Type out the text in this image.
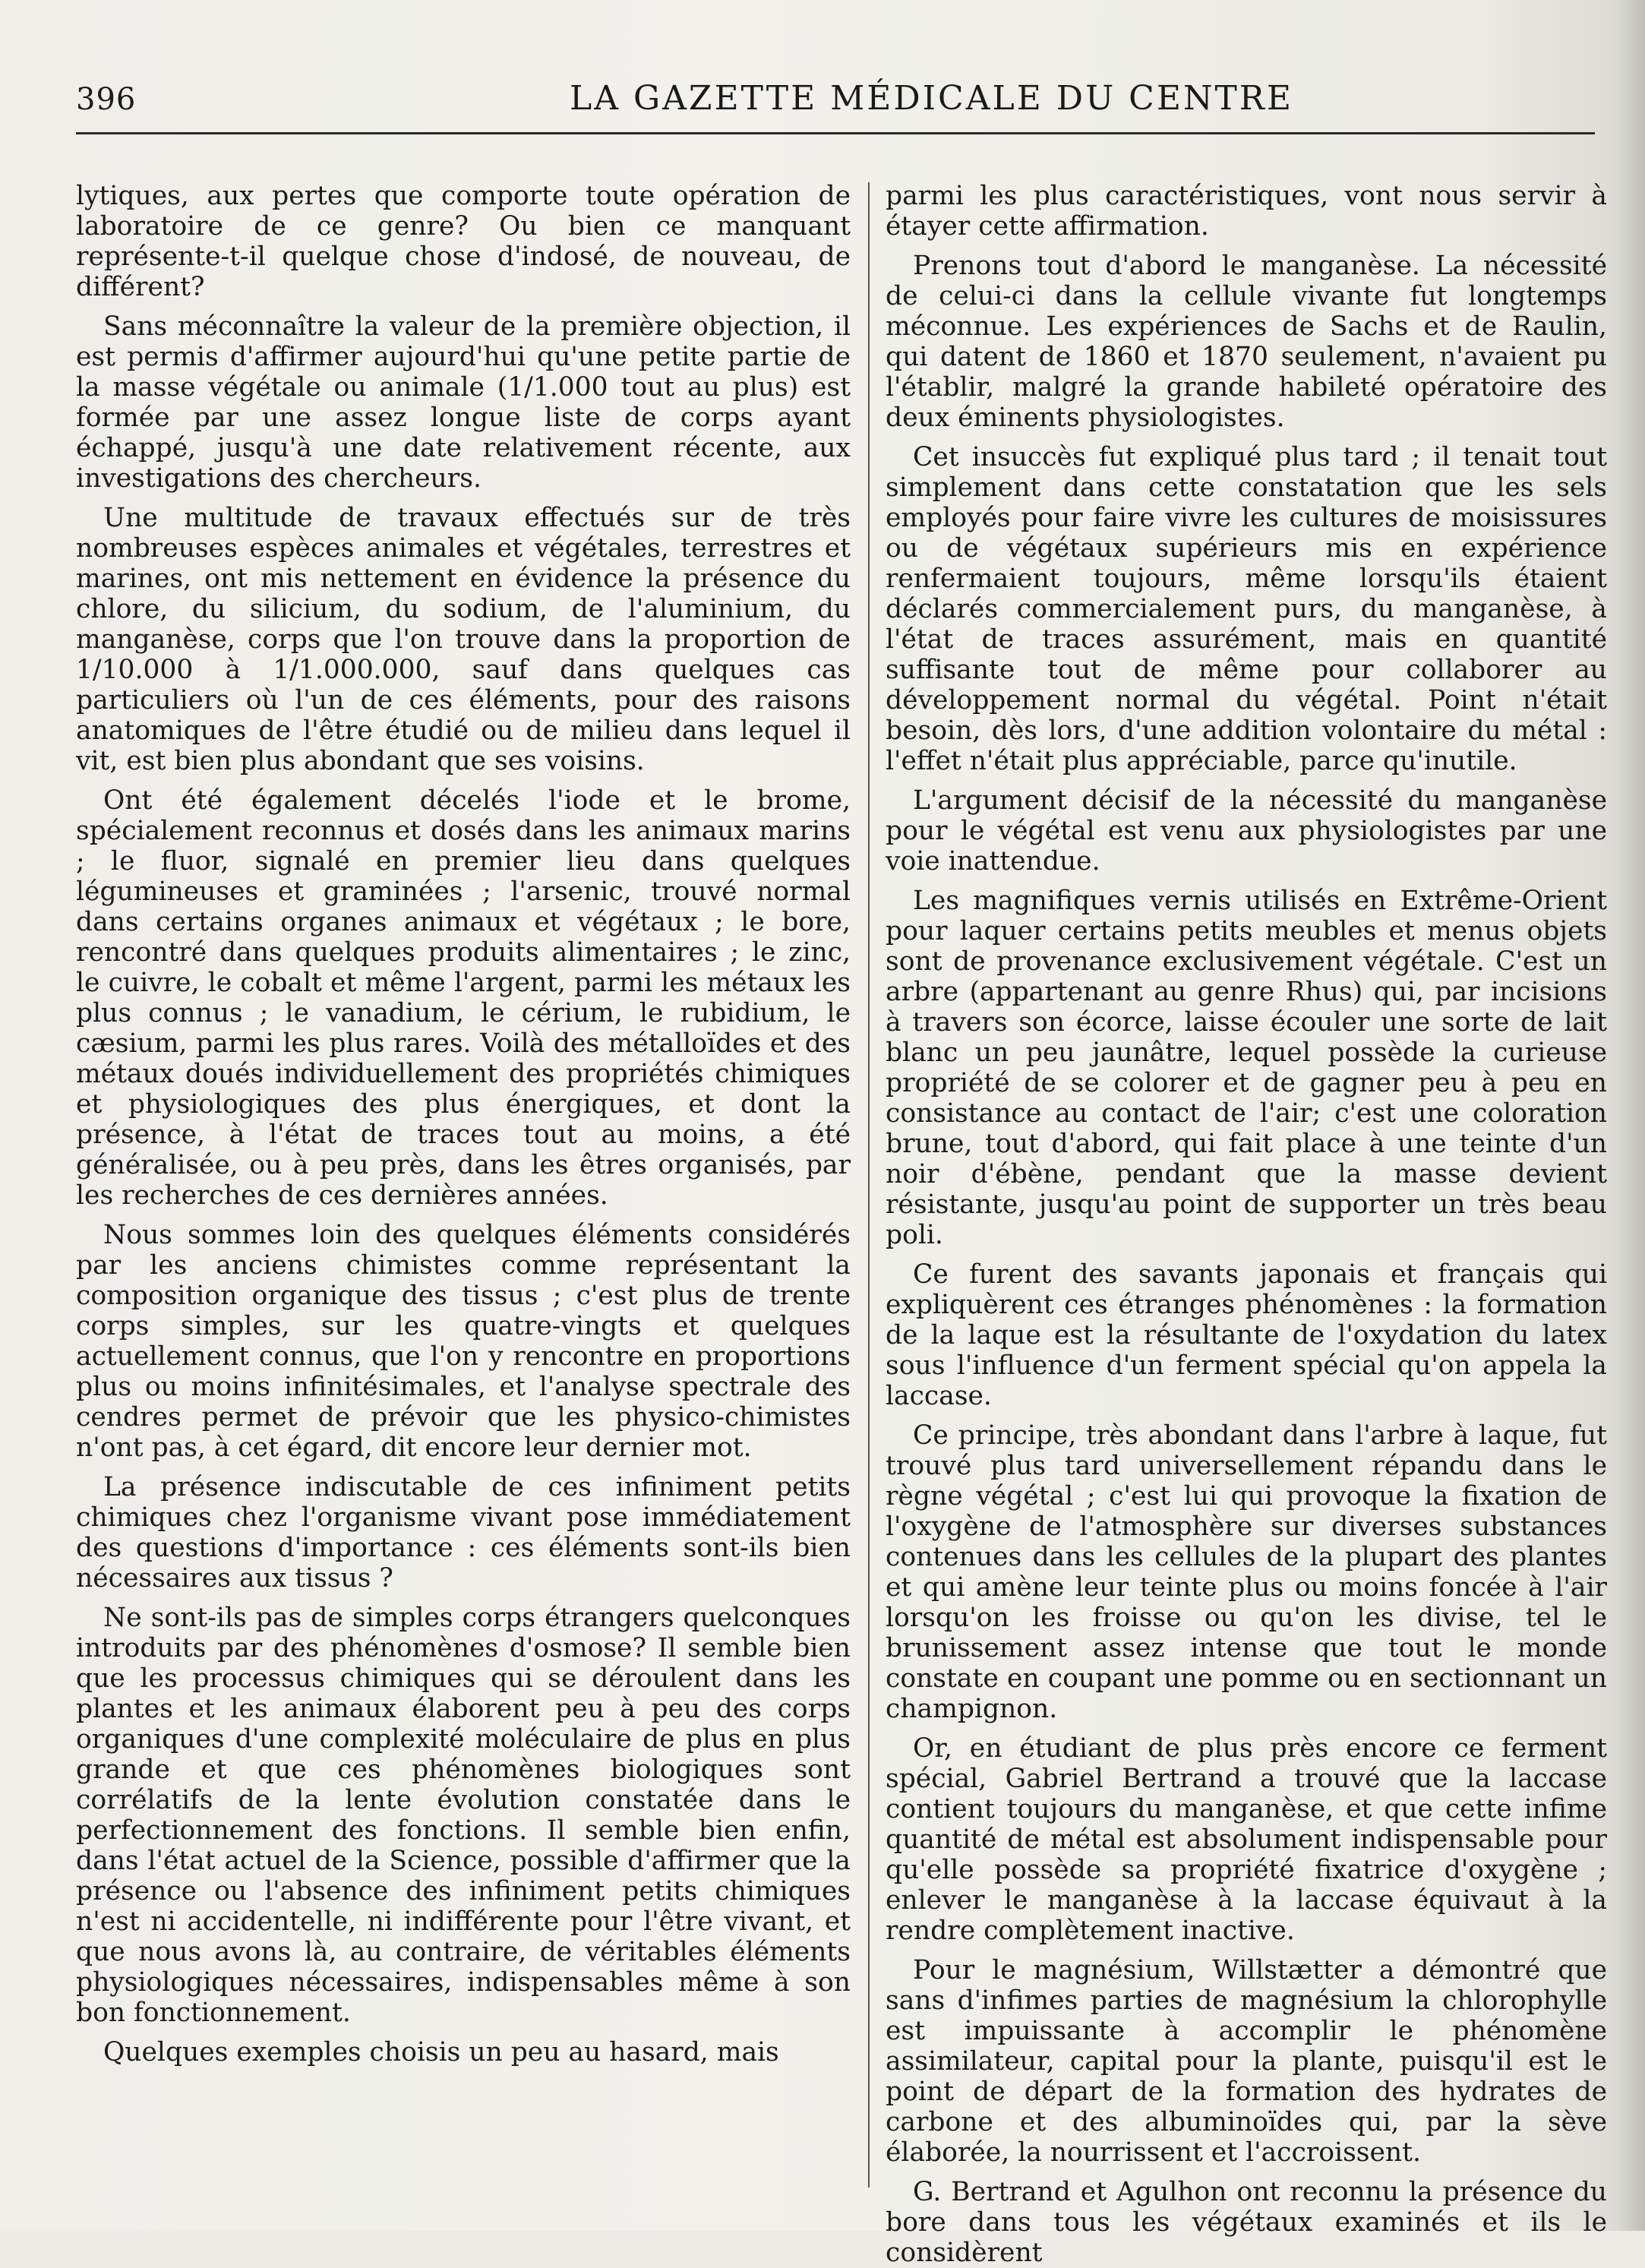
396	LA GAZETTE MÉDICALE DU CENTRE

lytiques, aux pertes que comporte toute opération de laboratoire de ce genre? Ou bien ce manquant représente-t-il quelque chose d'indosé, de nouveau, de différent?

Sans méconnaître la valeur de la première objection, il est permis d'affirmer aujourd'hui qu'une petite partie de la masse végétale ou animale (1/1.000 tout au plus) est formée par une assez longue liste de corps ayant échappé, jusqu'à une date relativement récente, aux investigations des chercheurs.

Une multitude de travaux effectués sur de très nombreuses espèces animales et végétales, terrestres et marines, ont mis nettement en évidence la présence du chlore, du silicium, du sodium, de l'aluminium, du manganèse, corps que l'on trouve dans la proportion de 1/10.000 à 1/1.000.000, sauf dans quelques cas particuliers où l'un de ces éléments, pour des raisons anatomiques de l'être étudié ou de milieu dans lequel il vit, est bien plus abondant que ses voisins.

Ont été également décelés l'iode et le brome, spécialement reconnus et dosés dans les animaux marins ; le fluor, signalé en premier lieu dans quelques légumineuses et graminées ; l'arsenic, trouvé normal dans certains organes animaux et végétaux ; le bore, rencontré dans quelques produits alimentaires ; le zinc, le cuivre, le cobalt et même l'argent, parmi les métaux les plus connus ; le vanadium, le cérium, le rubidium, le cæsium, parmi les plus rares. Voilà des métalloïdes et des métaux doués individuellement des propriétés chimiques et physiologiques des plus énergiques, et dont la présence, à l'état de traces tout au moins, a été généralisée, ou à peu près, dans les êtres organisés, par les recherches de ces dernières années.

Nous sommes loin des quelques éléments considérés par les anciens chimistes comme représentant la composition organique des tissus ; c'est plus de trente corps simples, sur les quatre-vingts et quelques actuellement connus, que l'on y rencontre en proportions plus ou moins infinitésimales, et l'analyse spectrale des cendres permet de prévoir que les physico-chimistes n'ont pas, à cet égard, dit encore leur dernier mot.

La présence indiscutable de ces infiniment petits chimiques chez l'organisme vivant pose immédiatement des questions d'importance : ces éléments sont-ils bien nécessaires aux tissus ?

Ne sont-ils pas de simples corps étrangers quelconques introduits par des phénomènes d'osmose? Il semble bien que les processus chimiques qui se déroulent dans les plantes et les animaux élaborent peu à peu des corps organiques d'une complexité moléculaire de plus en plus grande et que ces phénomènes biologiques sont corrélatifs de la lente évolution constatée dans le perfectionnement des fonctions. Il semble bien enfin, dans l'état actuel de la Science, possible d'affirmer que la présence ou l'absence des infiniment petits chimiques n'est ni accidentelle, ni indifférente pour l'être vivant, et que nous avons là, au contraire, de véritables éléments physiologiques nécessaires, indispensables même à son bon fonctionnement.

Quelques exemples choisis un peu au hasard, mais

parmi les plus caractéristiques, vont nous servir à étayer cette affirmation.

Prenons tout d'abord le manganèse. La nécessité de celui-ci dans la cellule vivante fut longtemps méconnue. Les expériences de Sachs et de Raulin, qui datent de 1860 et 1870 seulement, n'avaient pu l'établir, malgré la grande habileté opératoire des deux éminents physiologistes.

Cet insuccès fut expliqué plus tard ; il tenait tout simplement dans cette constatation que les sels employés pour faire vivre les cultures de moisissures ou de végétaux supérieurs mis en expérience renfermaient toujours, même lorsqu'ils étaient déclarés commercialement purs, du manganèse, à l'état de traces assurément, mais en quantité suffisante tout de même pour collaborer au développement normal du végétal. Point n'était besoin, dès lors, d'une addition volontaire du métal : l'effet n'était plus appréciable, parce qu'inutile.

L'argument décisif de la nécessité du manganèse pour le végétal est venu aux physiologistes par une voie inattendue.

Les magnifiques vernis utilisés en Extrême-Orient pour laquer certains petits meubles et menus objets sont de provenance exclusivement végétale. C'est un arbre (appartenant au genre Rhus) qui, par incisions à travers son écorce, laisse écouler une sorte de lait blanc un peu jaunâtre, lequel possède la curieuse propriété de se colorer et de gagner peu à peu en consistance au contact de l'air; c'est une coloration brune, tout d'abord, qui fait place à une teinte d'un noir d'ébène, pendant que la masse devient résistante, jusqu'au point de supporter un très beau poli.

Ce furent des savants japonais et français qui expliquèrent ces étranges phénomènes : la formation de la laque est la résultante de l'oxydation du latex sous l'influence d'un ferment spécial qu'on appela la laccase.

Ce principe, très abondant dans l'arbre à laque, fut trouvé plus tard universellement répandu dans le règne végétal ; c'est lui qui provoque la fixation de l'oxygène de l'atmosphère sur diverses substances contenues dans les cellules de la plupart des plantes et qui amène leur teinte plus ou moins foncée à l'air lorsqu'on les froisse ou qu'on les divise, tel le brunissement assez intense que tout le monde constate en coupant une pomme ou en sectionnant un champignon.

Or, en étudiant de plus près encore ce ferment spécial, Gabriel Bertrand a trouvé que la laccase contient toujours du manganèse, et que cette infime quantité de métal est absolument indispensable pour qu'elle possède sa propriété fixatrice d'oxygène ; enlever le manganèse à la laccase équivaut à la rendre complètement inactive.

Pour le magnésium, Willstætter a démontré que sans d'infimes parties de magnésium la chlorophylle est impuissante à accomplir le phénomène assimilateur, capital pour la plante, puisqu'il est le point de départ de la formation des hydrates de carbone et des albuminoïdes qui, par la sève élaborée, la nourrissent et l'accroissent.

G. Bertrand et Agulhon ont reconnu la présence du bore dans tous les végétaux examinés et ils le considèrent
